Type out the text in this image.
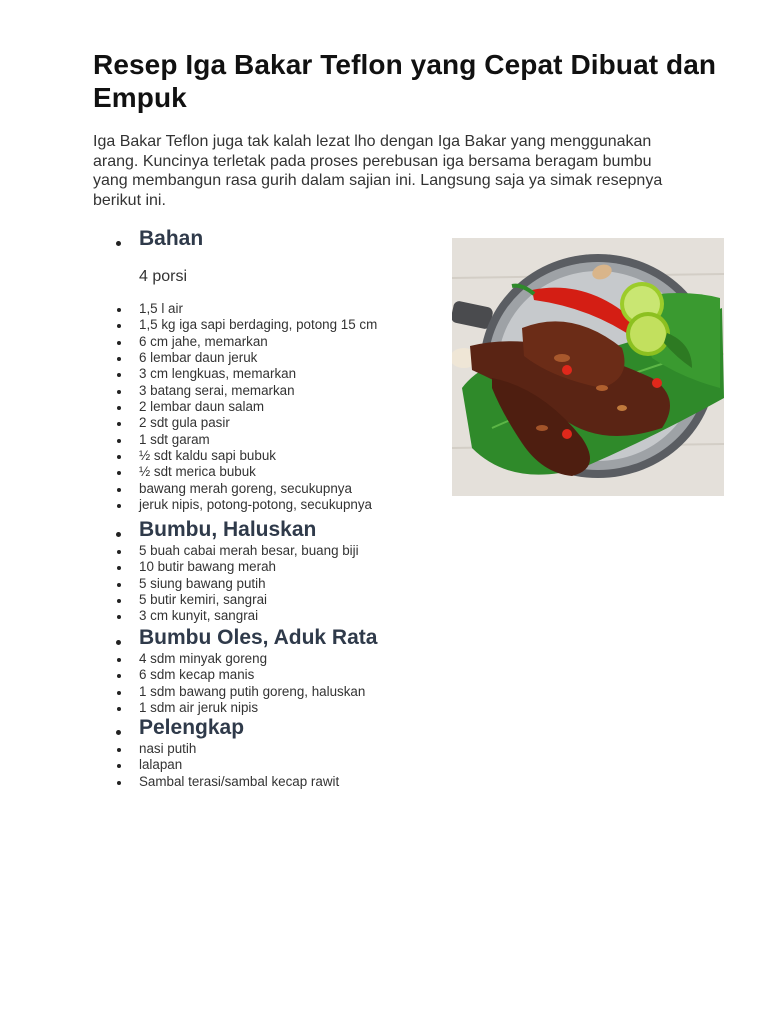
Resep Iga Bakar Teflon yang Cepat Dibuat dan Empuk

Iga Bakar Teflon juga tak kalah lezat lho dengan Iga Bakar yang menggunakan arang. Kuncinya terletak pada proses perebusan iga bersama beragam bumbu yang membangun rasa gurih dalam sajian ini. Langsung saja ya simak resepnya berikut ini.

Bahan
4 porsi
1,5 l air
1,5 kg iga sapi berdaging, potong 15 cm
6 cm jahe, memarkan
6 lembar daun jeruk
3 cm lengkuas, memarkan
3 batang serai, memarkan
2 lembar daun salam
2 sdt gula pasir
1 sdt garam
½ sdt kaldu sapi bubuk
½ sdt merica bubuk
bawang merah goreng, secukupnya
jeruk nipis, potong-potong, secukupnya
Bumbu, Haluskan
5 buah cabai merah besar, buang biji
10 butir bawang merah
5 siung bawang putih
5 butir kemiri, sangrai
3 cm kunyit, sangrai
Bumbu Oles, Aduk Rata
4 sdm minyak goreng
6 sdm kecap manis
1 sdm bawang putih goreng, haluskan
1 sdm air jeruk nipis
Pelengkap
nasi putih
lalapan
Sambal terasi/sambal kecap rawit
